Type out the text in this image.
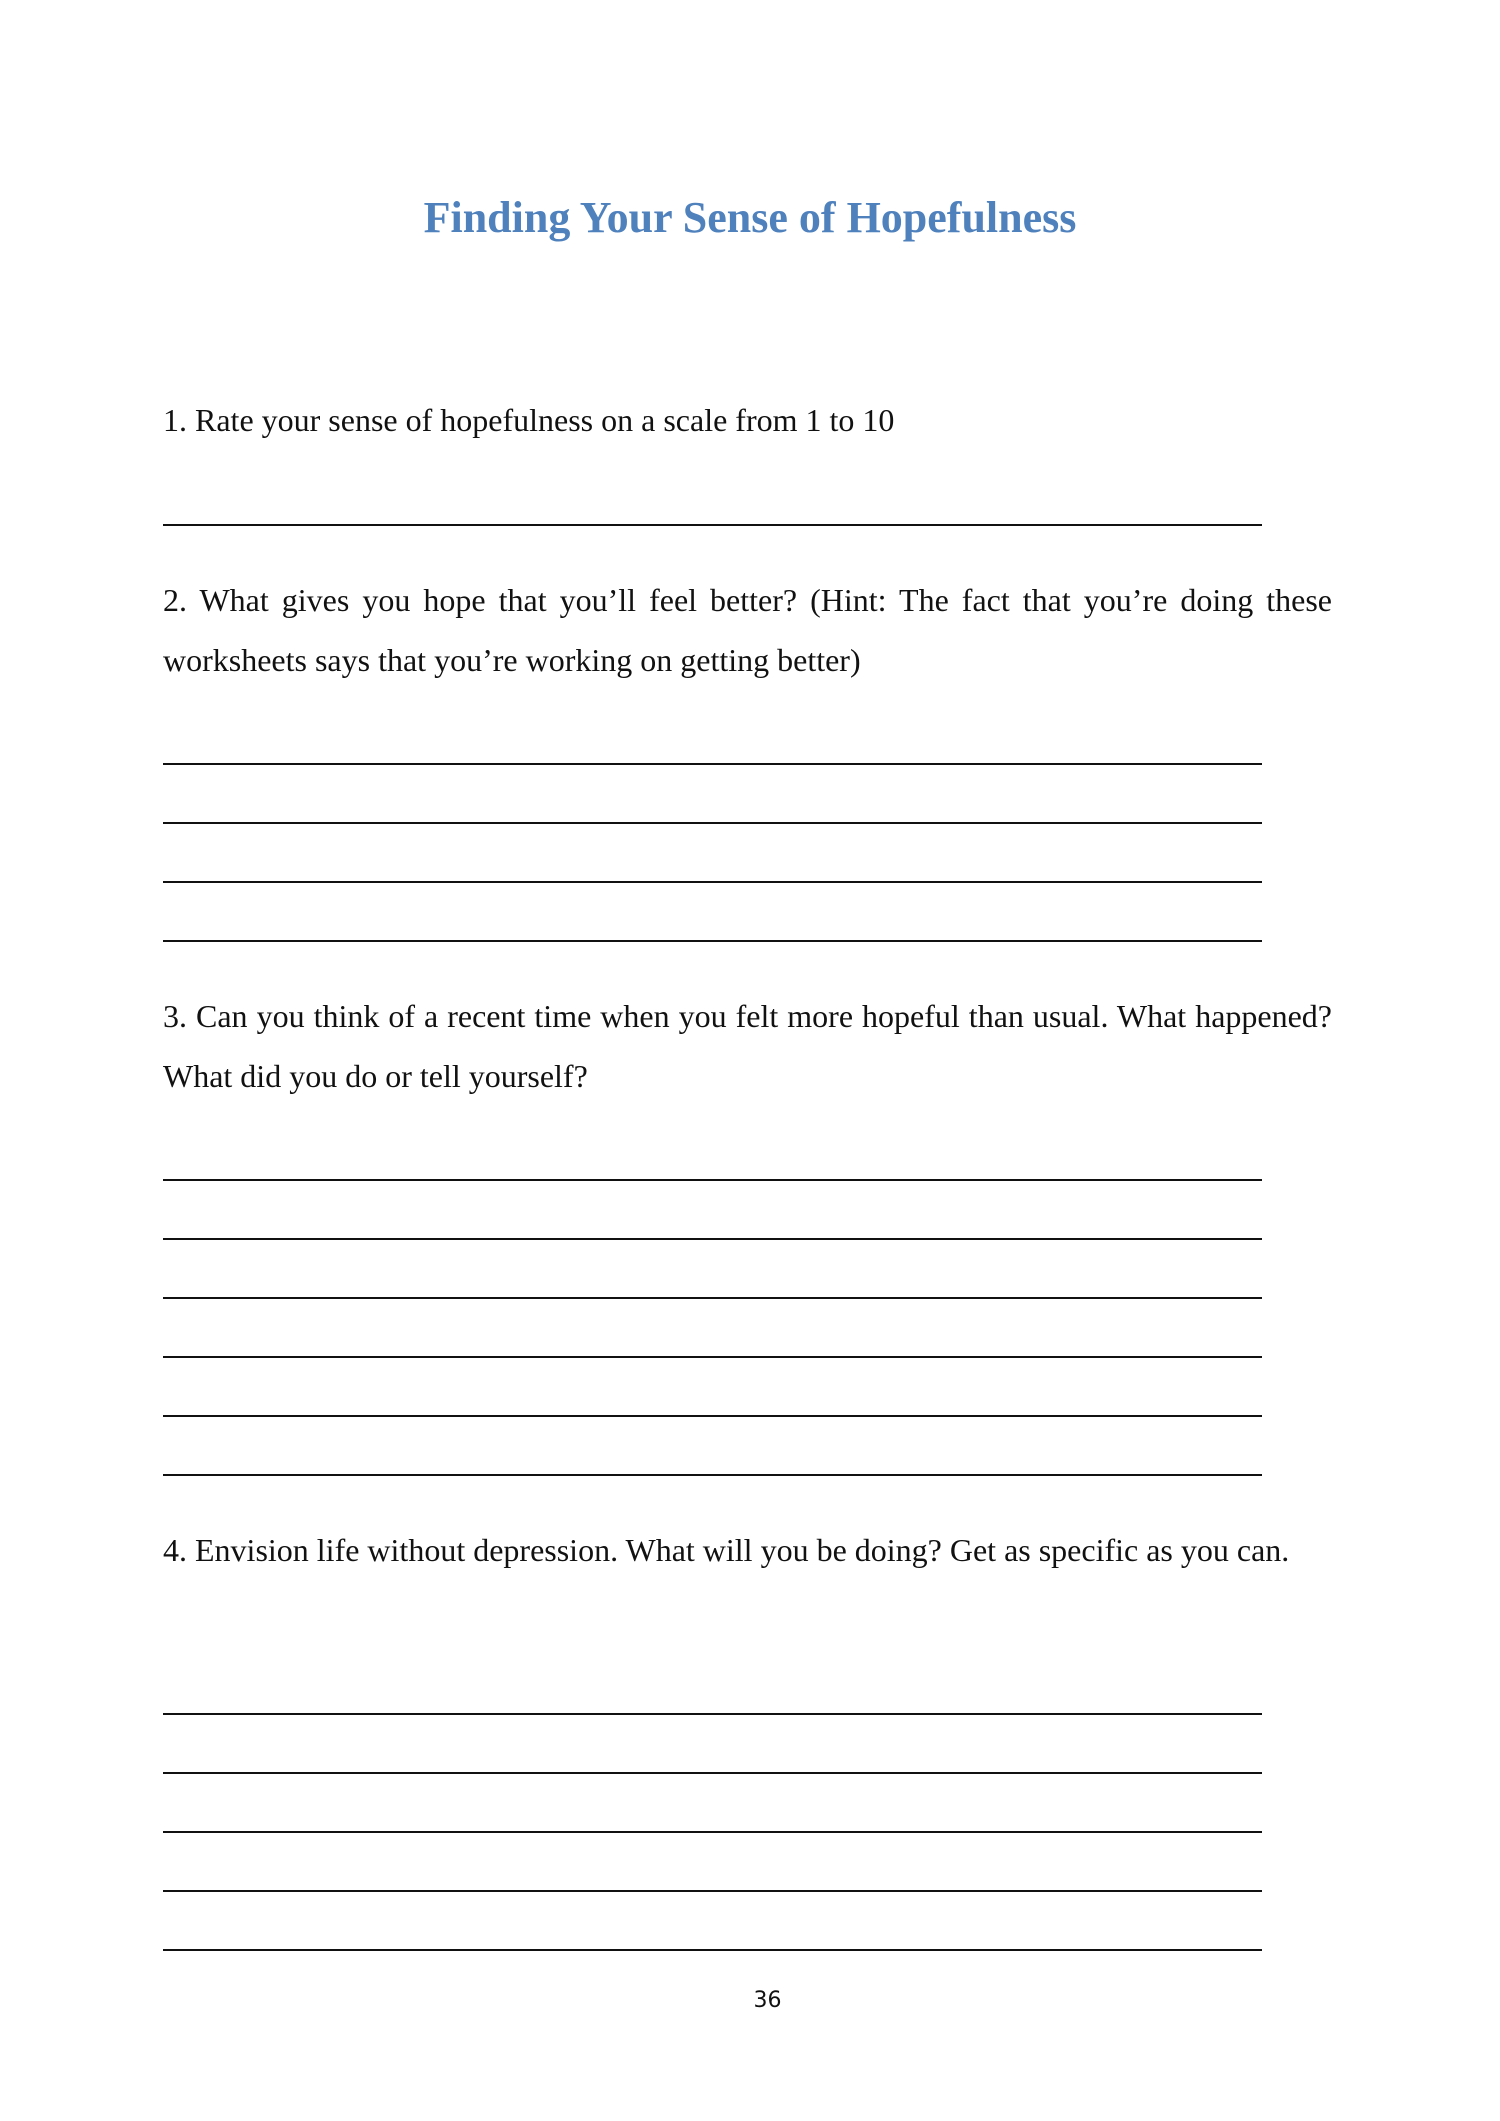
Finding Your Sense of Hopefulness

1. Rate your sense of hopefulness on a scale from 1 to 10

2. What gives you hope that you’ll feel better? (Hint: The fact that you’re doing these worksheets says that you’re working on getting better)

3. Can you think of a recent time when you felt more hopeful than usual. What happened? What did you do or tell yourself?

4. Envision life without depression. What will you be doing? Get as specific as you can.

36
